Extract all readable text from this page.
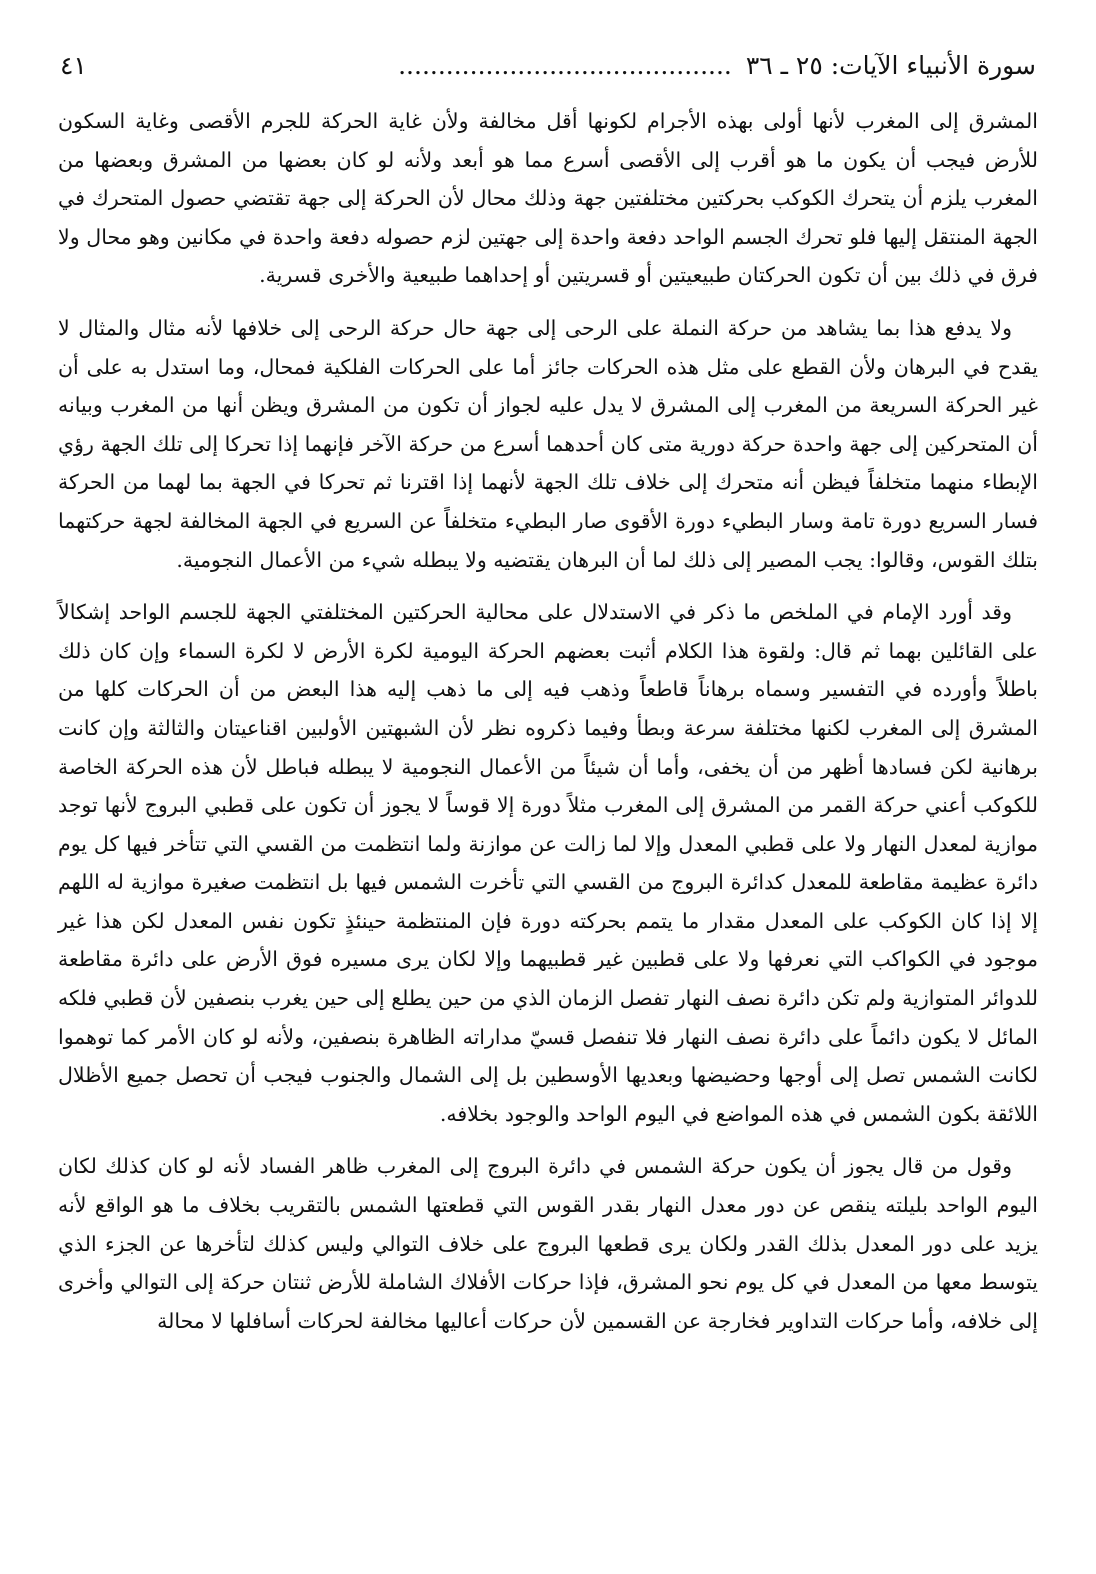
سورة الأنبياء الآيات: ٢٥ ـ ٣٦ ..........................................
٤١

المشرق إلى المغرب لأنها أولى بهذه الأجرام لكونها أقل مخالفة ولأن غاية الحركة للجرم الأقصى وغاية السكون للأرض فيجب أن يكون ما هو أقرب إلى الأقصى أسرع مما هو أبعد ولأنه لو كان بعضها من المشرق وبعضها من المغرب يلزم أن يتحرك الكوكب بحركتين مختلفتين جهة وذلك محال لأن الحركة إلى جهة تقتضي حصول المتحرك في الجهة المنتقل إليها فلو تحرك الجسم الواحد دفعة واحدة إلى جهتين لزم حصوله دفعة واحدة في مكانين وهو محال ولا فرق في ذلك بين أن تكون الحركتان طبيعيتين أو قسريتين أو إحداهما طبيعية والأخرى قسرية.

ولا يدفع هذا بما يشاهد من حركة النملة على الرحى إلى جهة حال حركة الرحى إلى خلافها لأنه مثال والمثال لا يقدح في البرهان ولأن القطع على مثل هذه الحركات جائز أما على الحركات الفلكية فمحال، وما استدل به على أن غير الحركة السريعة من المغرب إلى المشرق لا يدل عليه لجواز أن تكون من المشرق ويظن أنها من المغرب وبيانه أن المتحركين إلى جهة واحدة حركة دورية متى كان أحدهما أسرع من حركة الآخر فإنهما إذا تحركا إلى تلك الجهة رؤي الإبطاء منهما متخلفاً فيظن أنه متحرك إلى خلاف تلك الجهة لأنهما إذا اقترنا ثم تحركا في الجهة بما لهما من الحركة فسار السريع دورة تامة وسار البطيء دورة الأقوى صار البطيء متخلفاً عن السريع في الجهة المخالفة لجهة حركتهما بتلك القوس، وقالوا: يجب المصير إلى ذلك لما أن البرهان يقتضيه ولا يبطله شيء من الأعمال النجومية.

وقد أورد الإمام في الملخص ما ذكر في الاستدلال على محالية الحركتين المختلفتي الجهة للجسم الواحد إشكالاً على القائلين بهما ثم قال: ولقوة هذا الكلام أثبت بعضهم الحركة اليومية لكرة الأرض لا لكرة السماء وإن كان ذلك باطلاً وأورده في التفسير وسماه برهاناً قاطعاً وذهب فيه إلى ما ذهب إليه هذا البعض من أن الحركات كلها من المشرق إلى المغرب لكنها مختلفة سرعة وبطأ وفيما ذكروه نظر لأن الشبهتين الأولبين اقناعيتان والثالثة وإن كانت برهانية لكن فسادها أظهر من أن يخفى، وأما أن شيئاً من الأعمال النجومية لا يبطله فباطل لأن هذه الحركة الخاصة للكوكب أعني حركة القمر من المشرق إلى المغرب مثلاً دورة إلا قوساً لا يجوز أن تكون على قطبي البروج لأنها توجد موازية لمعدل النهار ولا على قطبي المعدل وإلا لما زالت عن موازنة ولما انتظمت من القسي التي تتأخر فيها كل يوم دائرة عظيمة مقاطعة للمعدل كدائرة البروج من القسي التي تأخرت الشمس فيها بل انتظمت صغيرة موازية له اللهم إلا إذا كان الكوكب على المعدل مقدار ما يتمم بحركته دورة فإن المنتظمة حينئذٍ تكون نفس المعدل لكن هذا غير موجود في الكواكب التي نعرفها ولا على قطبين غير قطبيهما وإلا لكان يرى مسيره فوق الأرض على دائرة مقاطعة للدوائر المتوازية ولم تكن دائرة نصف النهار تفصل الزمان الذي من حين يطلع إلى حين يغرب بنصفين لأن قطبي فلكه المائل لا يكون دائماً على دائرة نصف النهار فلا تنفصل قسيّ مداراته الظاهرة بنصفين، ولأنه لو كان الأمر كما توهموا لكانت الشمس تصل إلى أوجها وحضيضها وبعديها الأوسطين بل إلى الشمال والجنوب فيجب أن تحصل جميع الأظلال اللائقة بكون الشمس في هذه المواضع في اليوم الواحد والوجود بخلافه.

وقول من قال يجوز أن يكون حركة الشمس في دائرة البروج إلى المغرب ظاهر الفساد لأنه لو كان كذلك لكان اليوم الواحد بليلته ينقص عن دور معدل النهار بقدر القوس التي قطعتها الشمس بالتقريب بخلاف ما هو الواقع لأنه يزيد على دور المعدل بذلك القدر ولكان يرى قطعها البروج على خلاف التوالي وليس كذلك لتأخرها عن الجزء الذي يتوسط معها من المعدل في كل يوم نحو المشرق، فإذا حركات الأفلاك الشاملة للأرض ثنتان حركة إلى التوالي وأخرى إلى خلافه، وأما حركات التداوير فخارجة عن القسمين لأن حركات أعاليها مخالفة لحركات أسافلها لا محالة
